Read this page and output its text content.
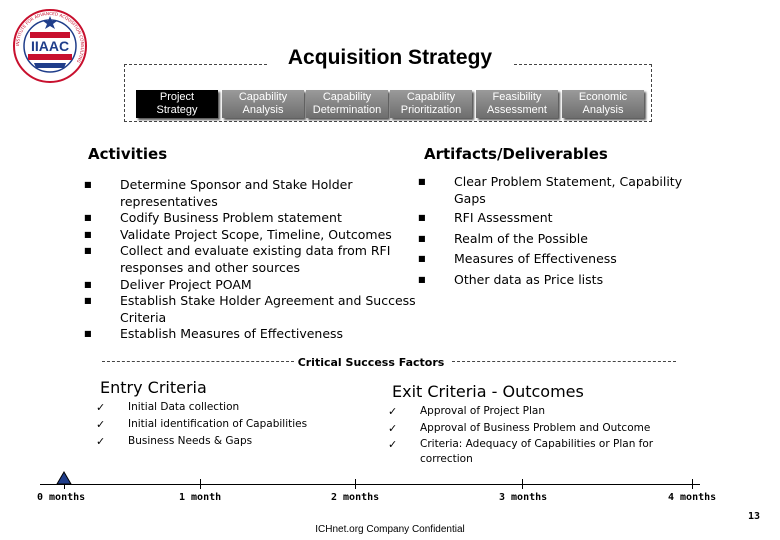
IIAAC
INSTITUTE FOR ADVANCED ACQUISITION CONSULTING	Acquisition Strategy
Project
Strategy
Capability
Analysis
Capability
Determination
Capability
Prioritization
Feasibility
Assessment
Economic
Analysis
Activities
■ Determine Sponsor and Stake Holder representatives
■ Codify Business Problem statement
■ Validate Project Scope, Timeline, Outcomes
■ Collect and evaluate existing data from RFI responses and other sources
■ Deliver Project POAM
■ Establish Stake Holder Agreement and Success Criteria
■ Establish Measures of Effectiveness
Artifacts/Deliverables
■ Clear Problem Statement, Capability Gaps
■ RFI Assessment
■ Realm of the Possible
■ Measures of Effectiveness
■ Other data as Price lists
Critical Success Factors
Entry Criteria
✓ Initial Data collection
✓ Initial identification of Capabilities
✓ Business Needs & Gaps
Exit Criteria - Outcomes
✓ Approval of Project Plan
✓ Approval of Business Problem and Outcome
✓ Criteria: Adequacy of Capabilities or Plan for correction
0 months	1 month	2 months	3 months	4 months
13
ICHnet.org Company Confidential
